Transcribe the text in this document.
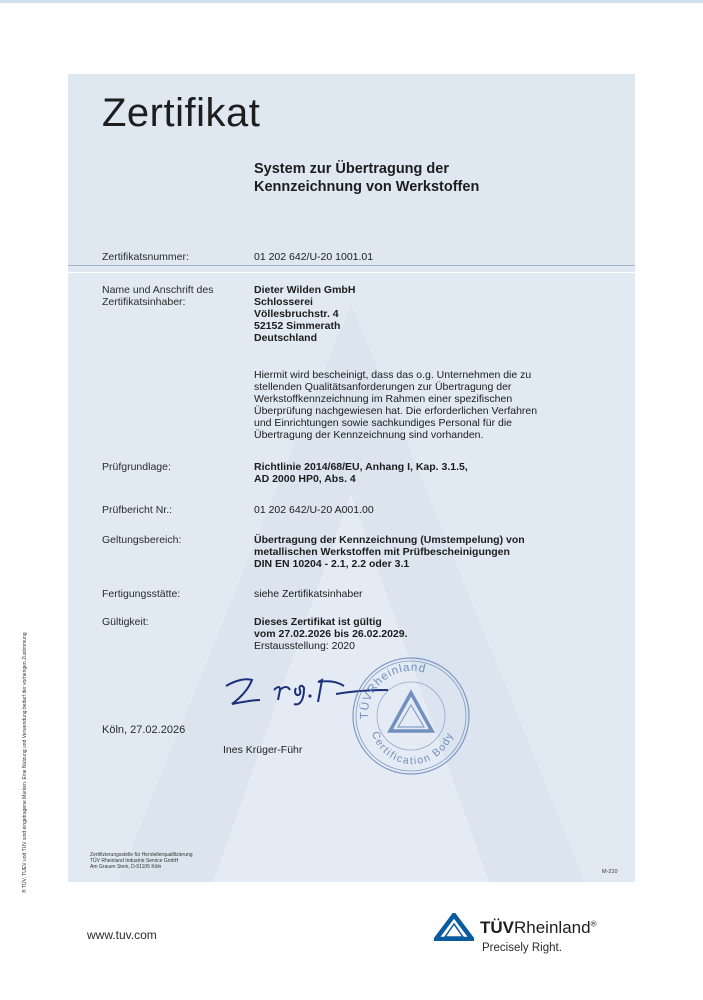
Zertifikat
System zur Übertragung der
Kennzeichnung von Werkstoffen
Zertifikatsnummer:	01 202 642/U-20 1001.01
Name und Anschrift des
Zertifikatsinhaber:
Dieter Wilden GmbH
Schlosserei
Völlesbruchstr. 4
52152 Simmerath
Deutschland
Hiermit wird bescheinigt, dass das o.g. Unternehmen die zu
stellenden Qualitätsanforderungen zur Übertragung der
Werkstoffkennzeichnung im Rahmen einer spezifischen
Überprüfung nachgewiesen hat. Die erforderlichen Verfahren
und Einrichtungen sowie sachkundiges Personal für die
Übertragung der Kennzeichnung sind vorhanden.
Prüfgrundlage:	Richtlinie 2014/68/EU, Anhang I, Kap. 3.1.5,
AD 2000 HP0, Abs. 4
Prüfbericht Nr.:	01 202 642/U-20 A001.00
Geltungsbereich:	Übertragung der Kennzeichnung (Umstempelung) von
metallischen Werkstoffen mit Prüfbescheinigungen
DIN EN 10204 - 2.1, 2.2 oder 3.1
Fertigungsstätte:	siehe Zertifikatsinhaber
Gültigkeit:	Dieses Zertifikat ist gültig
vom 27.02.2026 bis 26.02.2029.
Erstausstellung: 2020
Köln, 27.02.2026
Ines Krüger-Führ
TÜVRheinland
Certification Body
Zertifizierungsstelle für Herstellerqualifizierung
TÜV Rheinland Industrie Service GmbH
Am Grauen Stein, D-51105 Köln
M-210
® TÜV, TUEV und TUV sind eingetragene Marken. Eine Nutzung und Verwendung bedarf der vorherigen Zustimmung
www.tuv.com	TÜVRheinland®
Precisely Right.
